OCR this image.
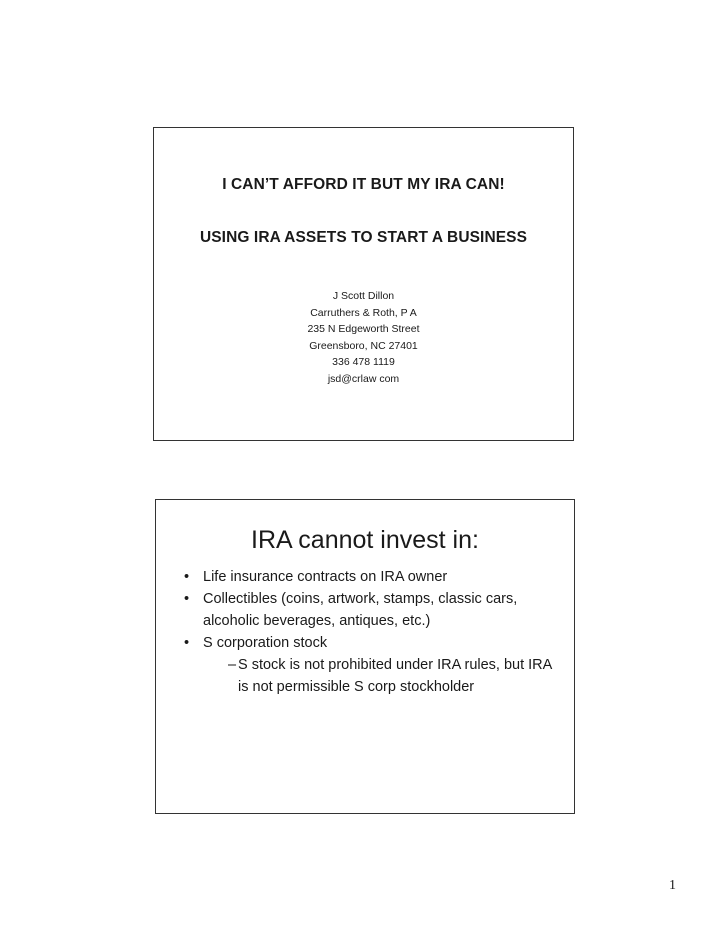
I CAN’T AFFORD IT BUT MY IRA CAN!
USING IRA ASSETS TO START A BUSINESS
J Scott Dillon
Carruthers & Roth, P A
235 N Edgeworth Street
Greensboro, NC 27401
336 478 1119
jsd@crlaw com
IRA cannot invest in:
• Life insurance contracts on IRA owner
• Collectibles (coins, artwork, stamps, classic cars, alcoholic beverages, antiques, etc.)
• S corporation stock
– S stock is not prohibited under IRA rules, but IRA is not permissible S corp stockholder
1
